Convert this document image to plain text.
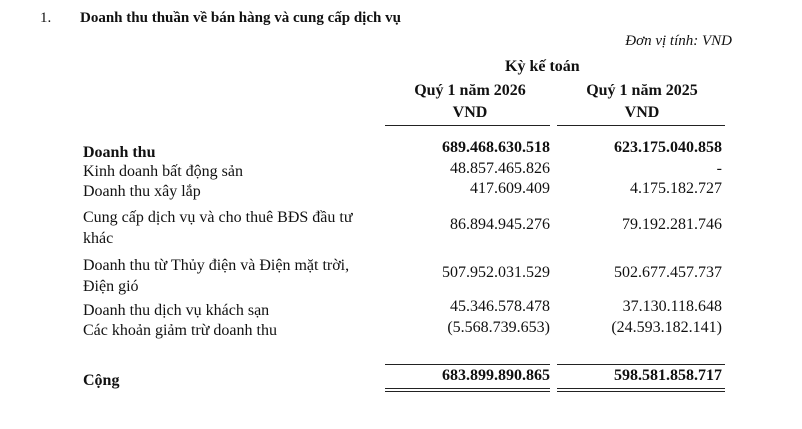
1. Doanh thu thuần về bán hàng và cung cấp dịch vụ
Đơn vị tính: VND
Kỳ kế toán
Quý 1 năm 2026	Quý 1 năm 2025
VND	VND
Doanh thu	689.468.630.518	623.175.040.858
Kinh doanh bất động sản	48.857.465.826	-
Doanh thu xây lắp	417.609.409	4.175.182.727
Cung cấp dịch vụ và cho thuê BĐS đầu tư
khác
86.894.945.276	79.192.281.746
Doanh thu từ Thủy điện và Điện mặt trời,
Điện gió
507.952.031.529	502.677.457.737
Doanh thu dịch vụ khách sạn	45.346.578.478	37.130.118.648
Các khoản giảm trừ doanh thu	(5.568.739.653)	(24.593.182.141)
Cộng	683.899.890.865	598.581.858.717
